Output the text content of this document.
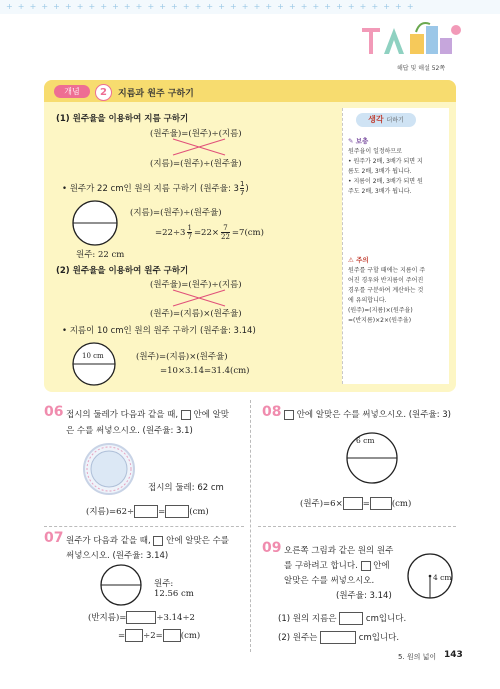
+  +  +  +  +  +  +  +  +  +  +  +  +  +  +  +  +  +  +  +  +  +  +  +  +  +  +  +  +  +  +  +  +  +  +
해답 및 해설 52쪽
개념	2	지름과 원주 구하기
(1) 원주율을 이용하여 지름 구하기
(원주율)=(원주)÷(지름)
(지름)=(원주)÷(원주율)
• 원주가 22 cm인 원의 지름 구하기 (원주율: $3\frac{1}{7}$ )
원주: 22 cm
(지름)=(원주)÷(원주율)
$=22\div 3 \frac{1}{7} =22\times \frac{7}{22} =7(cm)$
(2) 원주율을 이용하여 원주 구하기
(원주율)=(원주)÷(지름)
(원주)=(지름)×(원주율)
• 지름이 10 cm인 원의 원주 구하기 (원주율: 3.14)
10 cm	(원주)=(지름)×(원주율)
=10×3.14=31.4(cm)
생각 더하기
✎ 보충
원주율이 일정하므로
• 원주가 2배, 3배가 되면 지
름도 2배, 3배가 됩니다.
• 지름이 2배, 3배가 되면 원
주도 2배, 3배가 됩니다.
⚠ 주의
원주를 구할 때에는 지름이 주
어진 경우와 반지름이 주어진
경우를 구분하여 계산하는 것
에 유의합니다.
(원주)=(지름)×(원주율)
=(반지름)×2×(원주율)
06 접시의 둘레가 다음과 같을 때, 안에 알맞
은 수를 써넣으시오. (원주율: 3.1)
접시의 둘레: 62 cm
(지름)=62÷	=	(cm)
07 원주가 다음과 같을 때, 안에 알맞은 수를
써넣으시오. (원주율: 3.14)
원주:
12.56 cm
(반지름)=	÷3.14÷2
= ÷2= (cm)
08	안에 알맞은 수를 써넣으시오. (원주율: 3)
6 cm
(원주)=6× =	(cm)
09 오른쪽 그림과 같은 원의 원주
를 구하려고 합니다. 안에
알맞은 수를 써넣으시오.
(원주율: 3.14)
4 cm
(1) 원의 지름은	cm입니다.
(2) 원주는	cm입니다.
5. 원의 넓이 143
